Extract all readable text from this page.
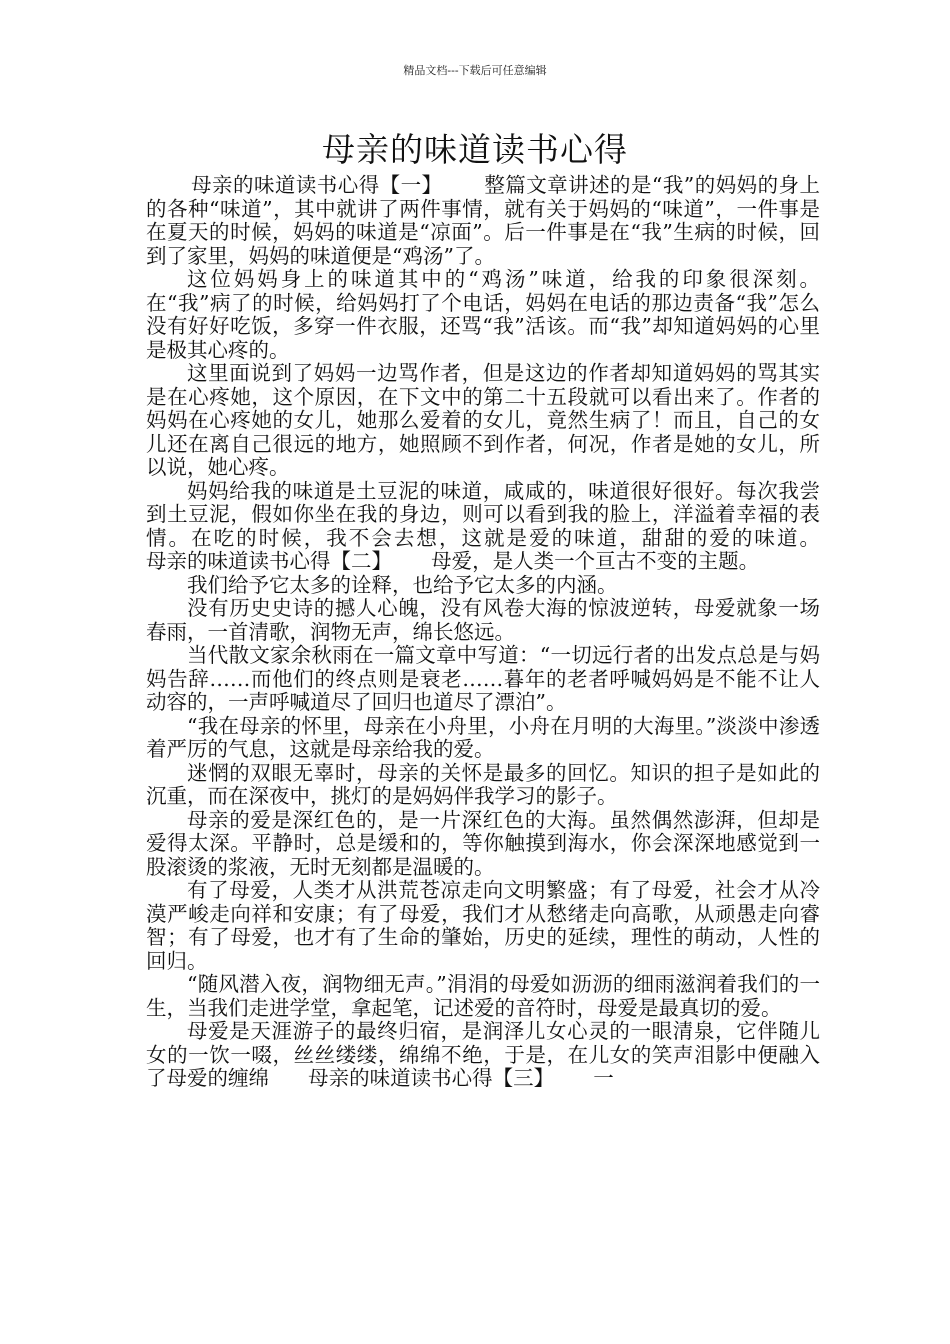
精品文档---下载后可任意编辑
母亲的味道读书心得

母亲的味道读书心得【一】      整篇文章讲述的是“我”的妈妈的身上的各种“味道”，其中就讲了两件事情，就有关于妈妈的“味道”，一件事是在夏天的时候，妈妈的味道是“凉面”。后一件事是在“我”生病的时候，回到了家里，妈妈的味道便是“鸡汤”了。

这位妈妈身上的味道其中的“鸡汤”味道，给我的印象很深刻。在“我”病了的时候，给妈妈打了个电话，妈妈在电话的那边责备“我”怎么没有好好吃饭，多穿一件衣服，还骂“我”活该。而“我”却知道妈妈的心里是极其心疼的。

这里面说到了妈妈一边骂作者，但是这边的作者却知道妈妈的骂其实是在心疼她，这个原因，在下文中的第二十五段就可以看出来了。作者的妈妈在心疼她的女儿，她那么爱着的女儿，竟然生病了！而且，自己的女儿还在离自己很远的地方，她照顾不到作者，何况，作者是她的女儿，所以说，她心疼。

妈妈给我的味道是土豆泥的味道，咸咸的，味道很好很好。每次我尝到土豆泥，假如你坐在我的身边，则可以看到我的脸上，洋溢着幸福的表情。在吃的时候，我不会去想，这就是爱的味道，甜甜的爱的味道。      母亲的味道读书心得【二】      母爱，是人类一个亘古不变的主题。

我们给予它太多的诠释，也给予它太多的内涵。

没有历史史诗的撼人心魄，没有风卷大海的惊波逆转，母爱就象一场春雨，一首清歌，润物无声，绵长悠远。

当代散文家余秋雨在一篇文章中写道：“一切远行者的出发点总是与妈妈告辞……而他们的终点则是衰老……暮年的老者呼喊妈妈是不能不让人动容的，一声呼喊道尽了回归也道尽了漂泊”。

“我在母亲的怀里，母亲在小舟里，小舟在月明的大海里。”淡淡中渗透着严厉的气息，这就是母亲给我的爱。

迷惘的双眼无辜时，母亲的关怀是最多的回忆。知识的担子是如此的沉重，而在深夜中，挑灯的是妈妈伴我学习的影子。

母亲的爱是深红色的，是一片深红色的大海。虽然偶然澎湃，但却是爱得太深。平静时，总是缓和的，等你触摸到海水，你会深深地感觉到一股滚烫的浆液，无时无刻都是温暖的。

有了母爱，人类才从洪荒苍凉走向文明繁盛；有了母爱，社会才从冷漠严峻走向祥和安康；有了母爱，我们才从愁绪走向高歌，从顽愚走向睿智；有了母爱，也才有了生命的肇始，历史的延续，理性的萌动，人性的回归。

“随风潜入夜，润物细无声。”涓涓的母爱如沥沥的细雨滋润着我们的一生，当我们走进学堂，拿起笔，记述爱的音符时，母爱是最真切的爱。

母爱是天涯游子的最终归宿，是润泽儿女心灵的一眼清泉，它伴随儿女的一饮一啜，丝丝缕缕，绵绵不绝，于是，在儿女的笑声泪影中便融入了母爱的缠绵      母亲的味道读书心得【三】      一
